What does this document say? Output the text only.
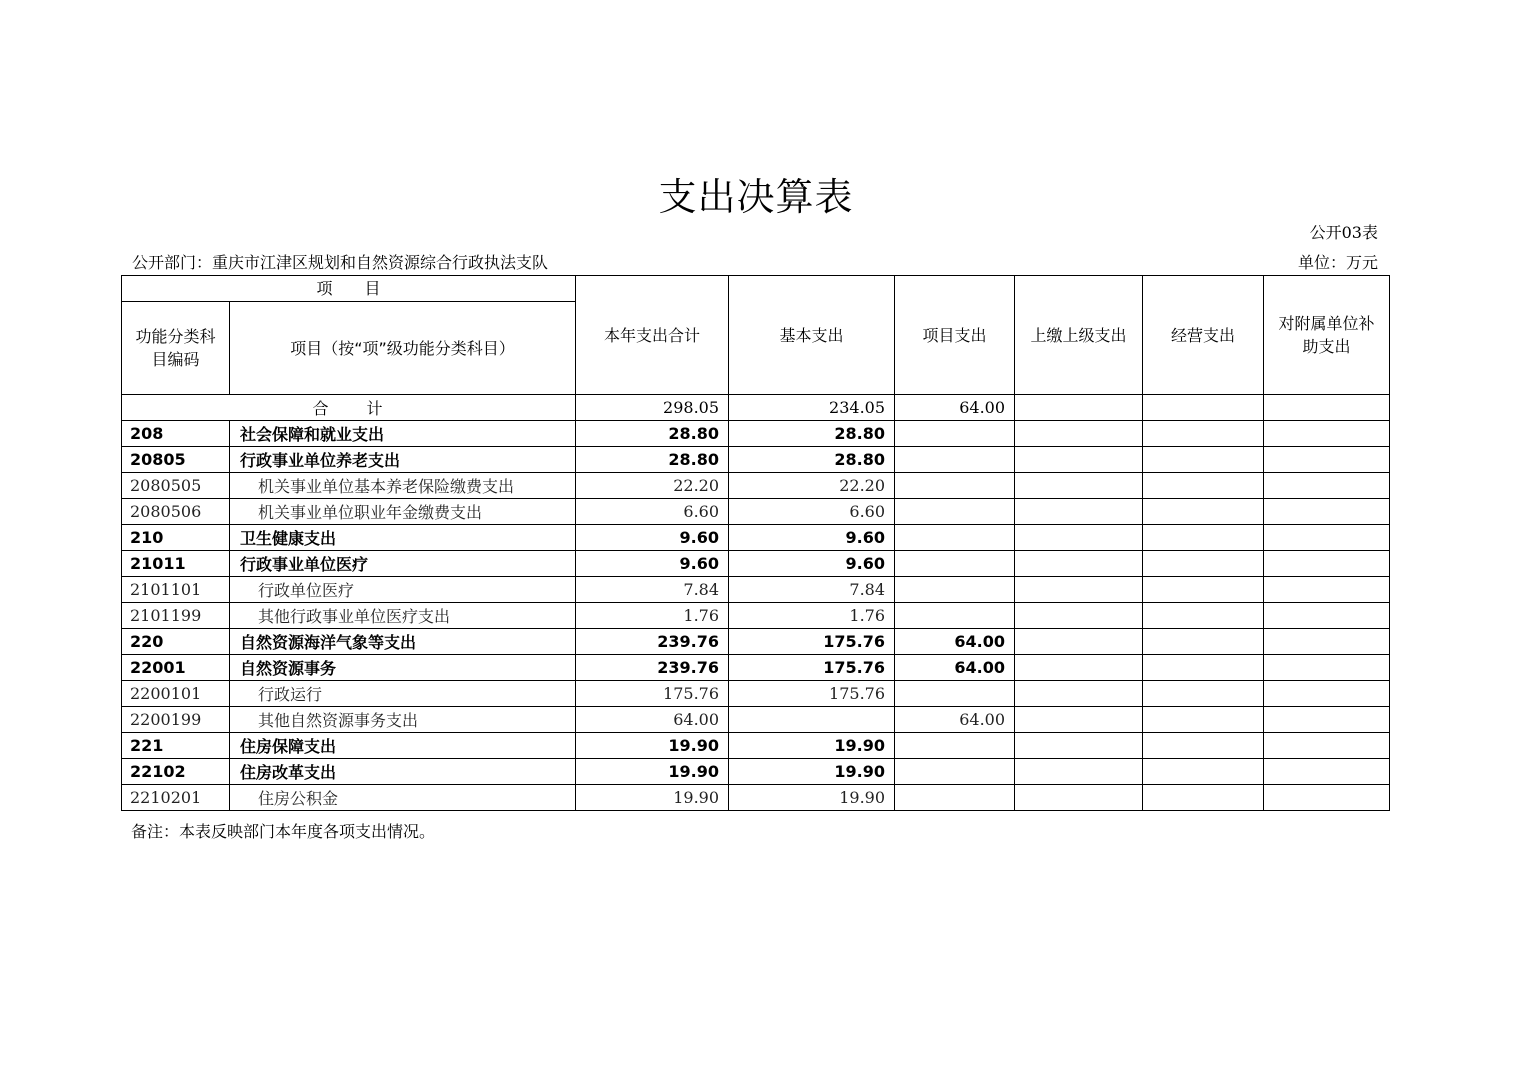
支出决算表
公开03表
公开部门：重庆市江津区规划和自然资源综合行政执法支队	单位：万元
项　　目		本年支出合计	基本支出	项目支出	上缴上级支出	经营支出	对附属单位补助支出
功能分类科目编码	项目（按“项”级功能分类科目）						
合　　计		298.05	234.05	64.00			
208	社会保障和就业支出	28.80	28.80				
20805	行政事业单位养老支出	28.80	28.80				
2080505	机关事业单位基本养老保险缴费支出	22.20	22.20				
2080506	机关事业单位职业年金缴费支出	6.60	6.60				
210	卫生健康支出	9.60	9.60				
21011	行政事业单位医疗	9.60	9.60				
2101101	行政单位医疗	7.84	7.84				
2101199	其他行政事业单位医疗支出	1.76	1.76				
220	自然资源海洋气象等支出	239.76	175.76	64.00			
22001	自然资源事务	239.76	175.76	64.00			
2200101	行政运行	175.76	175.76				
2200199	其他自然资源事务支出	64.00		64.00			
221	住房保障支出	19.90	19.90				
22102	住房改革支出	19.90	19.90				
2210201	住房公积金	19.90	19.90				
备注：本表反映部门本年度各项支出情况。
